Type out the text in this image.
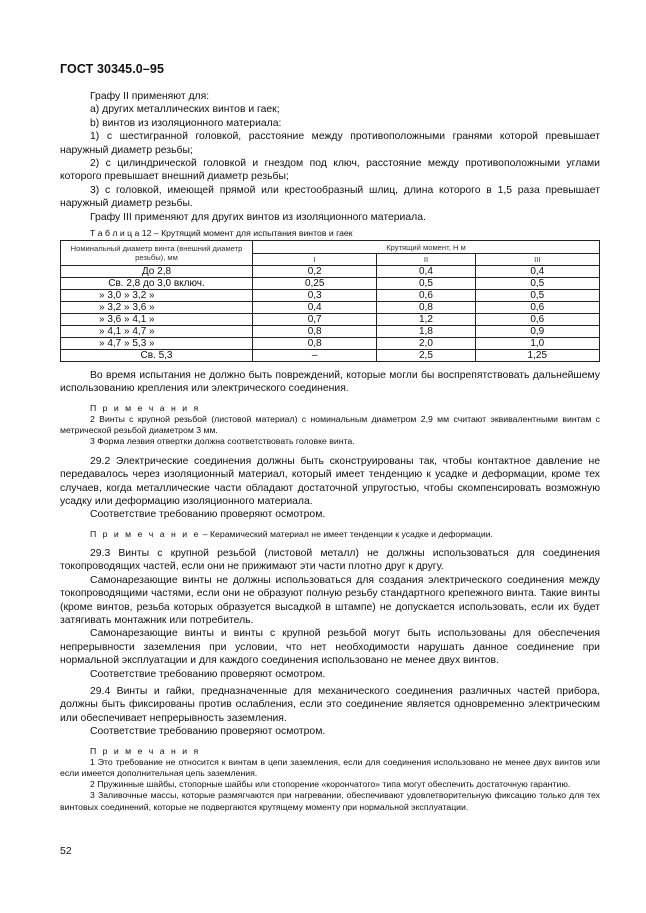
ГОСТ 30345.0–95

Графу II применяют для:

a) других металлических винтов и гаек;

b) винтов из изоляционного материала:

1) с шестигранной головкой, расстояние между противоположными гранями которой превышает наружный диаметр резьбы;

2) с цилиндрической головкой и гнездом под ключ, расстояние между противоположными углами которого превышает внешний диаметр резьбы;

3) с головкой, имеющей прямой или крестообразный шлиц, длина которого в 1,5 раза превышает наружный диаметр резьбы.

Графу III применяют для других винтов из изоляционного материала.

Т а б л и ц а 12 – Крутящий момент для испытания винтов и гаек

Номинальный диаметр винта (внешний диаметр резьбы), мм	Крутящий момент, Н м		
	I	II	III
До 2,8	0,2	0,4	0,4
Св. 2,8 до 3,0 включ.	0,25	0,5	0,5
» 3,0 » 3,2 »	0,3	0,6	0,5
» 3,2 » 3,6 »	0,4	0,8	0,6
» 3,6 » 4,1 »	0,7	1,2	0,6
» 4,1 » 4,7 »	0,8	1,8	0,9
» 4,7 » 5,3 »	0,8	2,0	1,0
Св. 5,3	–	2,5	1,25

Во время испытания не должно быть повреждений, которые могли бы воспрепятствовать дальнейшему использованию крепления или электрического соединения.

П р и м е ч а н и я

2 Винты с крупной резьбой (листовой материал) с номинальным диаметром 2,9 мм считают эквивалентными винтам с метрической резьбой диаметром 3 мм.

3 Форма лезвия отвертки должна соответствовать головке винта.

29.2 Электрические соединения должны быть сконструированы так, чтобы контактное давление не передавалось через изоляционный материал, который имеет тенденцию к усадке и деформации, кроме тех случаев, когда металлические части обладают достаточной упругостью, чтобы скомпенсировать возможную усадку или деформацию изоляционного материала.

Соответствие требованию проверяют осмотром.

П р и м е ч а н и е – Керамический материал не имеет тенденции к усадке и деформации.

29.3 Винты с крупной резьбой (листовой металл) не должны использоваться для соединения токопроводящих частей, если они не прижимают эти части плотно друг к другу.

Самонарезающие винты не должны использоваться для создания электрического соединения между токопроводящими частями, если они не образуют полную резьбу стандартного крепежного винта. Такие винты (кроме винтов, резьба которых образуется высадкой в штампе) не допускается использовать, если их будет затягивать монтажник или потребитель.

Самонарезающие винты и винты с крупной резьбой могут быть использованы для обеспечения непрерывности заземления при условии, что нет необходимости нарушать данное соединение при нормальной эксплуатации и для каждого соединения использовано не менее двух винтов.

Соответствие требованию проверяют осмотром.

29.4 Винты и гайки, предназначенные для механического соединения различных частей прибора, должны быть фиксированы против ослабления, если это соединение является одновременно электрическим или обеспечивает непрерывность заземления.

Соответствие требованию проверяют осмотром.

П р и м е ч а н и я

1 Это требование не относится к винтам в цепи заземления, если для соединения использовано не менее двух винтов или если имеется дополнительная цепь заземления.

2 Пружинные шайбы, стопорные шайбы или стопорение «корончатого» типа могут обеспечить достаточную гарантию.

3 Заливочные массы, которые размягчаются при нагревании, обеспечивают удовлетворительную фиксацию только для тех винтовых соединений, которые не подвергаются крутящему моменту при нормальной эксплуатации.

52
